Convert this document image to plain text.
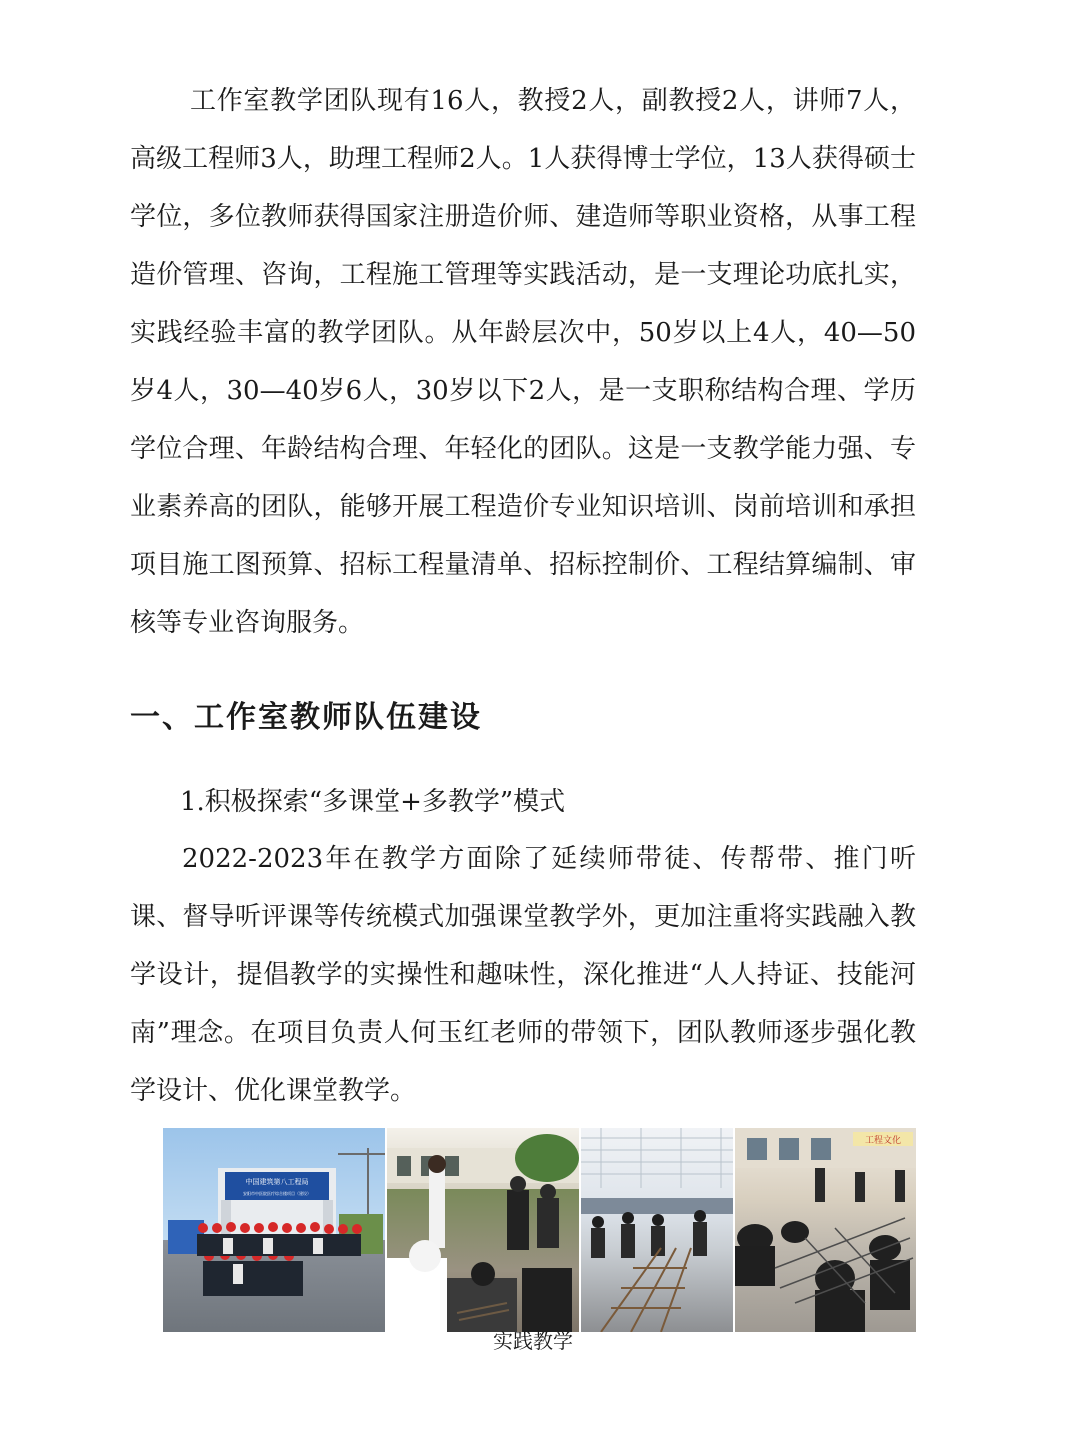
工作室教学团队现有16人，教授2人，副教授2人，讲师7人，高级工程师3人，助理工程师2人。1人获得博士学位，13人获得硕士学位，多位教师获得国家注册造价师、建造师等职业资格，从事工程造价管理、咨询，工程施工管理等实践活动，是一支理论功底扎实，实践经验丰富的教学团队。从年龄层次中，50岁以上4人，40—50岁4人，30—40岁6人，30岁以下2人，是一支职称结构合理、学历学位合理、年龄结构合理、年轻化的团队。这是一支教学能力强、专业素养高的团队，能够开展工程造价专业知识培训、岗前培训和承担项目施工图预算、招标工程量清单、招标控制价、工程结算编制、审核等专业咨询服务。

一、工作室教师队伍建设

1.积极探索“多课堂+多教学”模式

2022-2023年在教学方面除了延续师带徒、传帮带、推门听课、督导听评课等传统模式加强课堂教学外，更加注重将实践融入教学设计，提倡教学的实操性和趣味性，深化推进“人人持证、技能河南”理念。在项目负责人何玉红老师的带领下，团队教师逐步强化教学设计、优化课堂教学。

中国建筑第八工程局
安阳市中医院医疗综合楼项目（建设）
工程文化

实践教学
